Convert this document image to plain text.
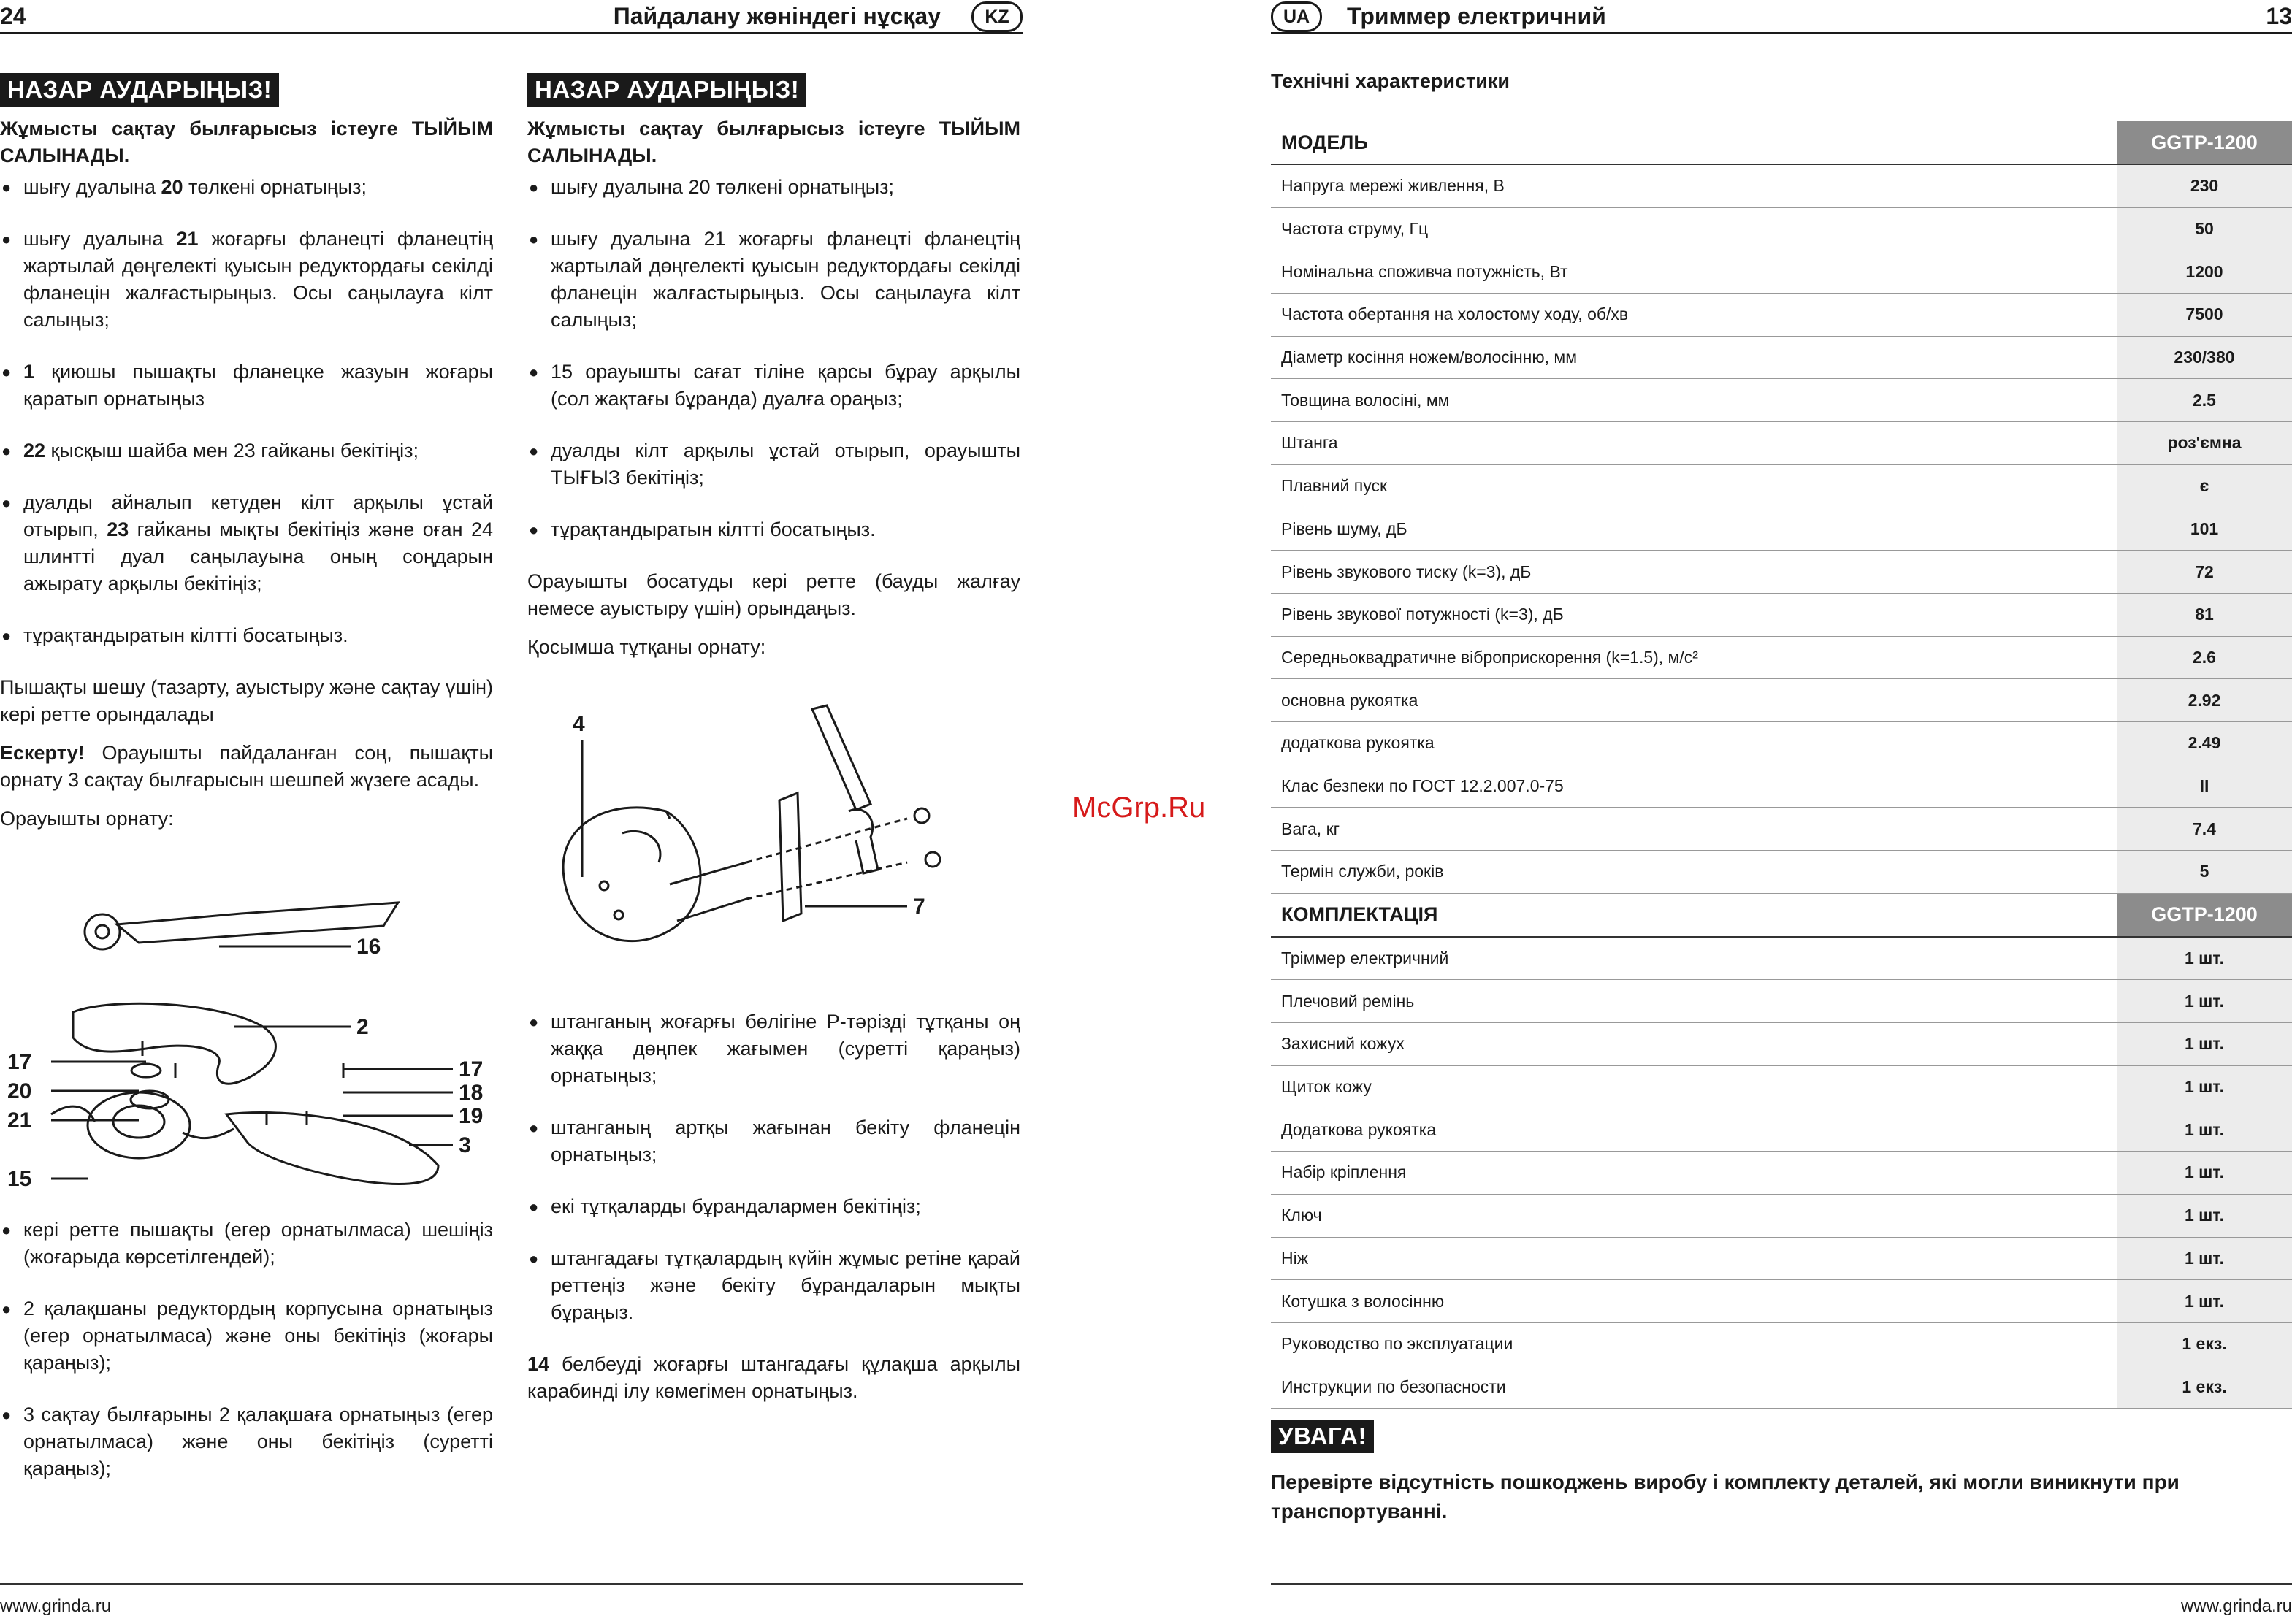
24	Пайдалану жөніндегі нұсқау	KZ
НАЗАР АУДАРЫҢЫЗ!
Жұмысты сақтау былғарысыз істеуге ТЫЙЫМ САЛЫНАДЫ.
● шығу дуалына 20 төлкені орнатыңыз;
● шығу дуалына 21 жоғарғы фланецті фланецтің жартылай дөңгелекті қуысын редуктордағы секілді фланецін жалғастырыңыз. Осы саңылауға кілт салыңыз;
● 1 қиюшы пышақты фланецке жазуын жоғары қаратып орнатыңыз
● 22 қысқыш шайба мен 23 гайканы бекітіңіз;
● дуалды айналып кетуден кілт арқылы ұстай отырып, 23 гайканы мықты бекітіңіз және оған 24 шлинтті дуал саңылауына оның соңдарын ажырату арқылы бекітіңіз;
● тұрақтандыратын кілтті босатыңыз.

Пышақты шешу (тазарту, ауыстыру және сақтау үшін) кері ретте орындалады

Ескерту! Орауышты пайдаланған соң, пышақты орнату 3 сақтау былғарысын шешпей жүзеге асады.

Орауышты орнату:

16
2
17
20
21
15
17
18
19
3
● кері ретте пышақты (егер орнатылмаса) шешіңіз (жоғарыда көрсетілгендей);
● 2 қалақшаны редуктордың корпусына орнатыңыз (егер орнатылмаса) және оны бекітіңіз (жоғары қараңыз);
● 3 сақтау былғарыны 2 қалақшаға орнатыңыз (егер орнатылмаса) және оны бекітіңіз (суретті қараңыз);
НАЗАР АУДАРЫҢЫЗ!
Жұмысты сақтау былғарысыз істеуге ТЫЙЫМ САЛЫНАДЫ.
● шығу дуалына 20 төлкені орнатыңыз;
● шығу дуалына 21 жоғарғы фланецті фланецтің жартылай дөңгелекті қуысын редуктордағы секілді фланецін жалғастырыңыз. Осы саңылауға кілт салыңыз;
● 15 орауышты сағат тіліне қарсы бұрау арқылы (сол жақтағы бұранда) дуалға ораңыз;
● дуалды кілт арқылы ұстай отырып, орауышты ТЫҒЫЗ бекітіңіз;
● тұрақтандыратын кілтті босатыңыз.

Орауышты босатуды кері ретте (бауды жалғау немесе ауыстыру үшін) орындаңыз.

Қосымша тұтқаны орнату:

4
7
● штанганың жоғарғы бөлігіне Р-тәрізді тұтқаны оң жаққа дөңпек жағымен (суретті қараңыз) орнатыңыз;
● штанганың артқы жағынан бекіту фланецін орнатыңыз;
● екі тұтқаларды бұрандалармен бекітіңіз;
● штангадағы тұтқалардың күйін жұмыс ретіне қарай реттеңіз және бекіту бұрандаларын мықты бұраңыз.

14 белбеуді жоғарғы штангадағы құлақша арқылы карабинді ілу көмегімен орнатыңыз.

www.grinda.ru
McGrp.Ru
UA	Триммер електричний	13
Технічні характеристики
МОДЕЛЬ	GGTP-1200
Напруга мережі живлення, В	230
Частота струму, Гц	50
Номінальна споживча потужність, Вт	1200
Частота обертання на холостому ходу, об/хв	7500
Діаметр косіння ножем/волосінню, мм	230/380
Товщина волосіні, мм	2.5
Штанга	роз'ємна
Плавний пуск	є
Рівень шуму, дБ	101
Рівень звукового тиску (k=3), дБ	72
Рівень звукової потужності (k=3), дБ	81
Середньоквадратичне віброприскорення (k=1.5), м/с²	2.6
основна рукоятка	2.92
додаткова рукоятка	2.49
Клас безпеки по ГОСТ 12.2.007.0-75	II
Вага, кг	7.4
Термін служби, років	5
КОМПЛЕКТАЦІЯ	GGTP-1200
Тріммер електричний	1 шт.
Плечовий ремінь	1 шт.
Захисний кожух	1 шт.
Щиток кожу	1 шт.
Додаткова рукоятка	1 шт.
Набір кріплення	1 шт.
Ключ	1 шт.
Ніж	1 шт.
Котушка з волосінню	1 шт.
Руководство по эксплуатации	1 екз.
Инструкции по безопасности	1 екз.
УВАГА!
Перевірте відсутність пошкоджень виробу і комплекту деталей, які могли виникнути при транспортуванні.
www.grinda.ru
